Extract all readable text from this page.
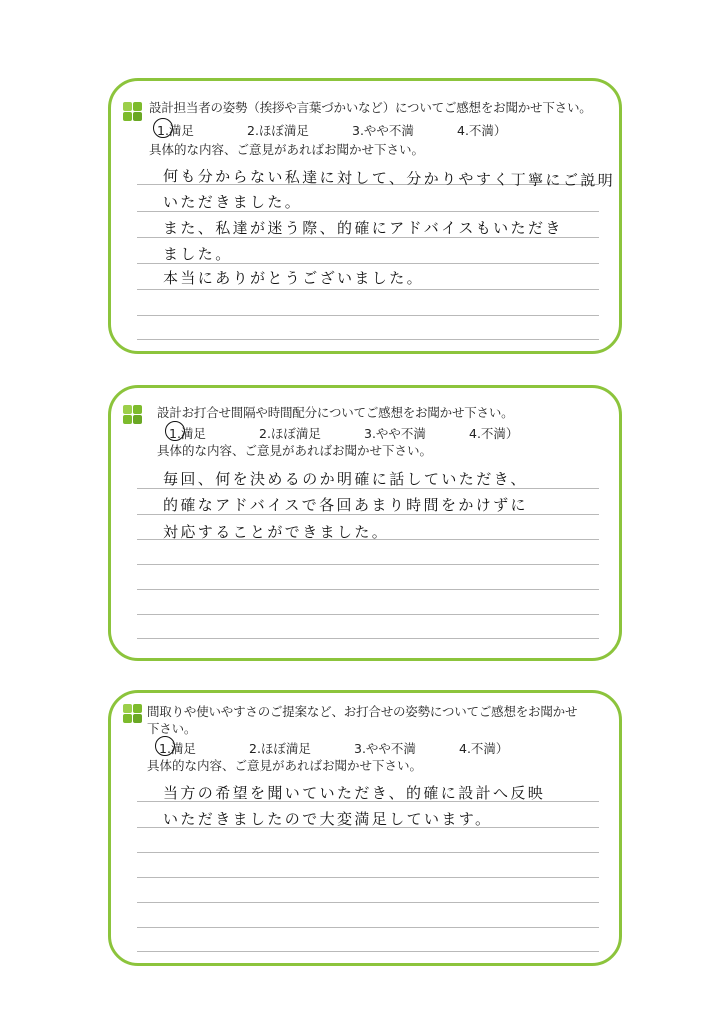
設計担当者の姿勢（挨拶や言葉づかいなど）についてご感想をお聞かせ下さい。
1.満足	2.ほぼ満足	3.やや不満	4.不満）
具体的な内容、ご意見があればお聞かせ下さい。
何も分からない私達に対して、分かりやすく丁寧にご説明
いただきました。
また、私達が迷う際、的確にアドバイスもいただき
ました。
本当にありがとうございました。
設計お打合せ間隔や時間配分についてご感想をお聞かせ下さい。
1.満足	2.ほぼ満足	3.やや不満	4.不満）
具体的な内容、ご意見があればお聞かせ下さい。
毎回、何を決めるのか明確に話していただき、
的確なアドバイスで各回あまり時間をかけずに
対応することができました。
間取りや使いやすさのご提案など、お打合せの姿勢についてご感想をお聞かせ下さい。
1.満足	2.ほぼ満足	3.やや不満	4.不満）
具体的な内容、ご意見があればお聞かせ下さい。
当方の希望を聞いていただき、的確に設計へ反映
いただきましたので大変満足しています。
